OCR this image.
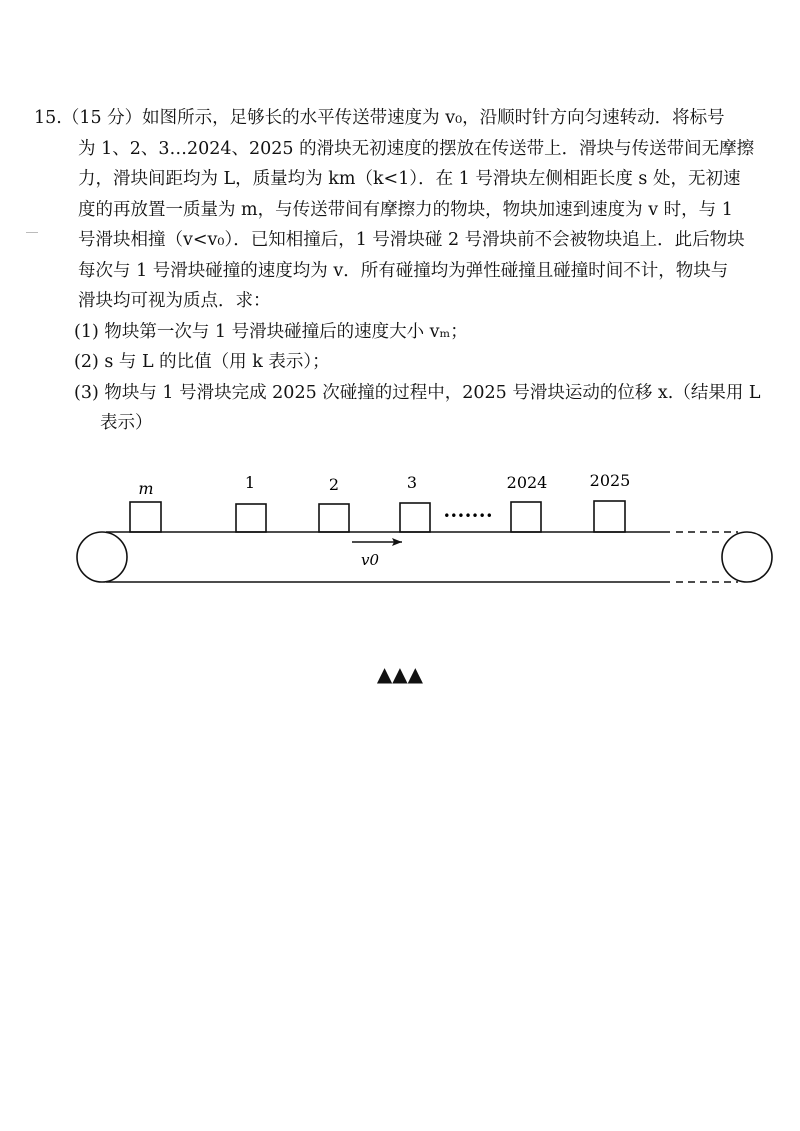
15.（15 分）如图所示，足够长的水平传送带速度为 v₀，沿顺时针方向匀速转动．将标号
为 1、2、3…2024、2025 的滑块无初速度的摆放在传送带上．滑块与传送带间无摩擦
力，滑块间距均为 L，质量均为 km（k<1）．在 1 号滑块左侧相距长度 s 处，无初速
度的再放置一质量为 m，与传送带间有摩擦力的物块，物块加速到速度为 v 时，与 1
号滑块相撞（v<v₀）．已知相撞后，1 号滑块碰 2 号滑块前不会被物块追上．此后物块
每次与 1 号滑块碰撞的速度均为 v．所有碰撞均为弹性碰撞且碰撞时间不计，物块与
滑块均可视为质点．求：
(1) 物块第一次与 1 号滑块碰撞后的速度大小 vₘ；
(2) s 与 L 的比值（用 k 表示）；
(3) 物块与 1 号滑块完成 2025 次碰撞的过程中，2025 号滑块运动的位移 x.（结果用 L
表示）
m	1	2	3	2024	2025
•••••••
v0
▲▲▲
